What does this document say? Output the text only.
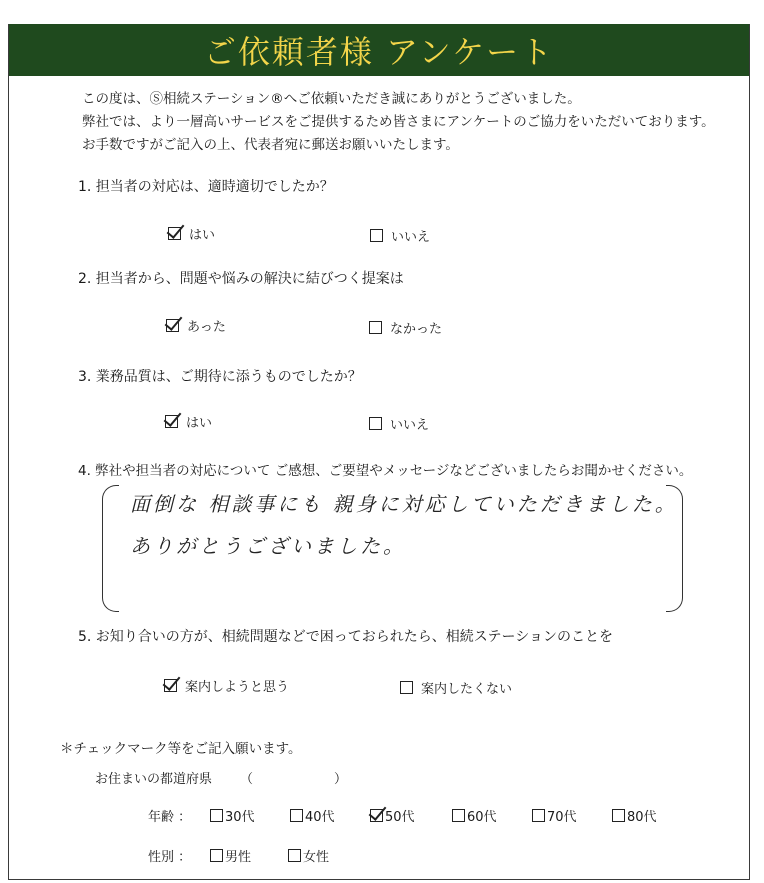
ご依頼者様 アンケート
この度は、Ⓢ相続ステーション®へご依頼いただき誠にありがとうございました。
弊社では、より一層高いサービスをご提供するため皆さまにアンケートのご協力をいただいております。
お手数ですがご記入の上、代表者宛に郵送お願いいたします。
1. 担当者の対応は、適時適切でしたか？
はい	いいえ
2. 担当者から、問題や悩みの解決に結びつく提案は
あった	なかった
3. 業務品質は、ご期待に添うものでしたか？
はい	いいえ
4. 弊社や担当者の対応について ご感想、ご要望やメッセージなどございましたらお聞かせください。
面倒な 相談事にも 親身に対応していただきました。
ありがとうございました。
5. お知り合いの方が、相続問題などで困っておられたら、相続ステーションのことを
案内しようと思う	案内したくない
＊チェックマーク等をご記入願います。
お住まいの都道府県 （	）
年齢 ：	30代	40代	50代	60代	70代	80代
性別 ：	男性	女性
